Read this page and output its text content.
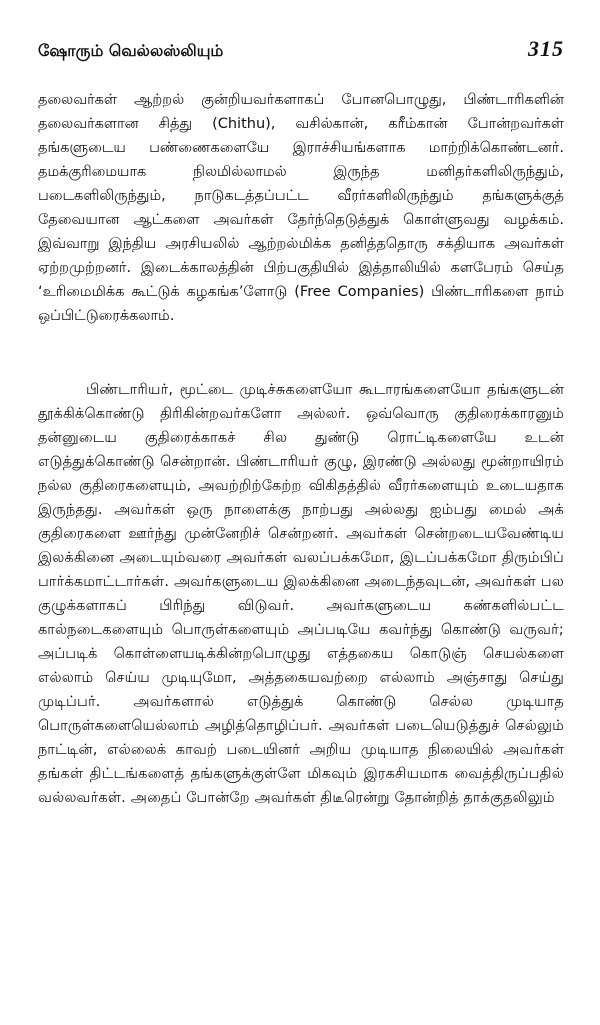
ஷோரும் வெல்லஸ்லியும்	315

தலைவர்கள் ஆற்றல் குன்றியவர்களாகப் போனபொழுது, பிண்டாரிகளின் தலைவர்களான சித்து (Chithu), வசில்கான், கரீம்கான் போன்றவர்கள் தங்களுடைய பண்ணைகளையே இராச்சியங்களாக மாற்றிக்கொண்டனர். தமக்குரிமையாக நிலமில்லாமல் இருந்த மனிதர்களிலிருந்தும், படைகளிலிருந்தும், நாடுகடத்தப்பட்ட வீரர்களிலிருந்தும் தங்களுக்குத் தேவையான ஆட்களை அவர்கள் தேர்ந்தெடுத்துக் கொள்ளுவது வழக்கம். இவ்வாறு இந்திய அரசியலில் ஆற்றல்மிக்க தனித்ததொரு சக்தியாக அவர்கள் ஏற்றமுற்றனர். இடைக்காலத்தின் பிற்பகுதியில் இத்தாலியில் களபேரம் செய்த ‘உரிமைமிக்க கூட்டுக் கழகங்க’ளோடு (Free Companies) பிண்டாரிகளை நாம் ஒப்பிட்டுரைக்கலாம்.

பிண்டாரியர், மூட்டை முடிச்சுகளையோ கூடாரங்களையோ தங்களுடன் தூக்கிக்கொண்டு திரிகின்றவர்களோ அல்லர். ஒவ்வொரு குதிரைக்காரனும் தன்னுடைய குதிரைக்காகச் சில துண்டு ரொட்டிகளையே உடன் எடுத்துக்கொண்டு சென்றான். பிண்டாரியர் குழு, இரண்டு அல்லது மூன்றாயிரம் நல்ல குதிரைகளையும், அவற்றிற்கேற்ற விகிதத்தில் வீரர்களையும் உடையதாக இருந்தது. அவர்கள் ஒரு நாளைக்கு நாற்பது அல்லது ஐம்பது மைல் அக் குதிரைகளை ஊர்ந்து முன்னேறிச் சென்றனர். அவர்கள் சென்றடையவேண்டிய இலக்கினை அடையும்வரை அவர்கள் வலப்பக்கமோ, இடப்பக்கமோ திரும்பிப் பார்க்கமாட்டார்கள். அவர்களுடைய இலக்கினை அடைந்தவுடன், அவர்கள் பல குழுக்களாகப் பிரிந்து விடுவர். அவர்களுடைய கண்களில்பட்ட கால்நடைகளையும் பொருள்களையும் அப்படியே கவர்ந்து கொண்டு வருவர்; அப்படிக் கொள்ளையடிக்கின்றபொழுது எத்தகைய கொடுஞ் செயல்களை எல்லாம் செய்ய முடியுமோ, அத்தகையவற்றை எல்லாம் அஞ்சாது செய்து முடிப்பர். அவர்களால் எடுத்துக் கொண்டு செல்ல முடியாத பொருள்களையெல்லாம் அழித்தொழிப்பர். அவர்கள் படையெடுத்துச் செல்லும் நாட்டின், எல்லைக் காவற் படையினர் அறிய முடியாத நிலையில் அவர்கள் தங்கள் திட்டங்களைத் தங்களுக்குள்ளே மிகவும் இரகசியமாக வைத்திருப்பதில் வல்லவர்கள். அதைப் போன்றே அவர்கள் திடீரென்று தோன்றித் தாக்குதலிலும்
